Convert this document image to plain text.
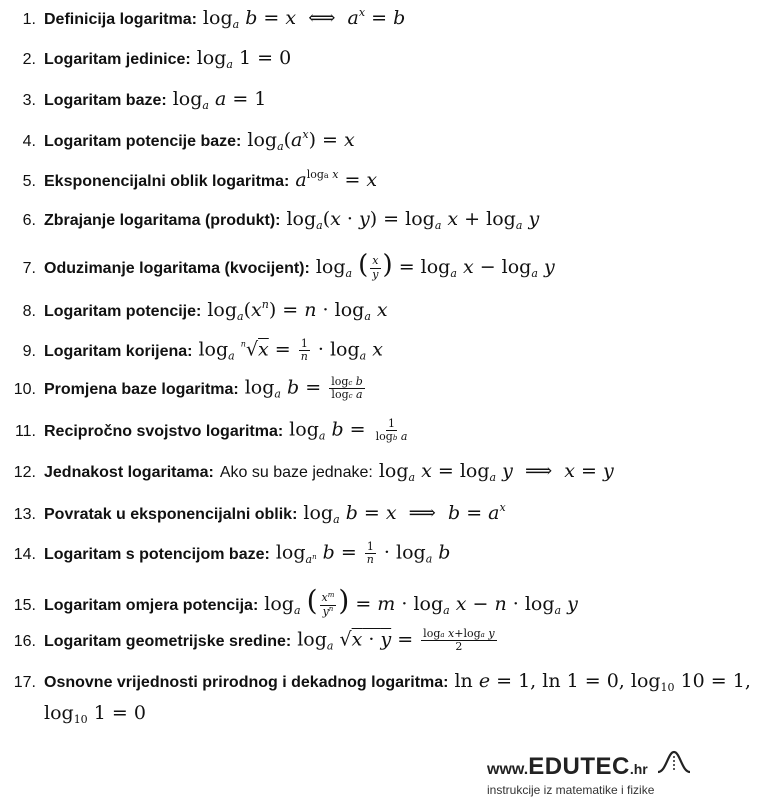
1. Definicija logaritma: $\log_a b = x$  ⟺  $a^x = b$
2. Logaritam jedinice: $\log_a 1 = 0$
3. Logaritam baze: $\log_a a = 1$
4. Logaritam potencije baze: $\log_a(a^x) = x$
5. Eksponencijalni oblik logaritma: $a^{loga x} = x$
6. Zbrajanje logaritama (produkt): $\log_a(x \cdot y) = \log_a x + \log_a y$
7. Oduzimanje logaritama (kvocijent): $\log_a$ ( $\frac{x}{y}$ ) = $\log_a x - \log_a y$
8. Logaritam potencije: $\log_a(x^n) = n \cdot \log_a x$
9. Logaritam korijena: $\log_a ^n√x = \frac{1}{n} \cdot \log_a x$
10. Promjena baze logaritma: $\log_a b = \frac{\text{logc b}}{\text{logc a}}$
11. Recipročno svojstvo logaritma: $\log_a b = \frac{1}{\text{logb a}}$
12. Jednakost logaritama: Ako su baze jednake: $\log_a x = \log_a y$  ⟹  x = y
13. Povratak u eksponencijalni oblik: $\log_a b = x$  ⟹  $b = a^x$
14. Logaritam s potencijom baze: $\log_{a^n} b = \frac{1}{n} \cdot \log_a b$
15. Logaritam omjera potencija: $\log_a$ ( $\frac{x^m}{y^n}$ ) = $m \cdot \log_a x - n \cdot \log_a y$
16. Logaritam geometrijske sredine: $\log_a √x \cdot y = \frac{\text{loga x+loga y}}{2}$
17. Osnovne vrijednosti prirodnog i dekadnog logaritma: ln e = 1, ln 1 = 0, $\log_{10} 10 = 1$,
$\log_{10} 1 = 0$
www. EDUTEC .hr
instrukcije iz matematike i fizike
